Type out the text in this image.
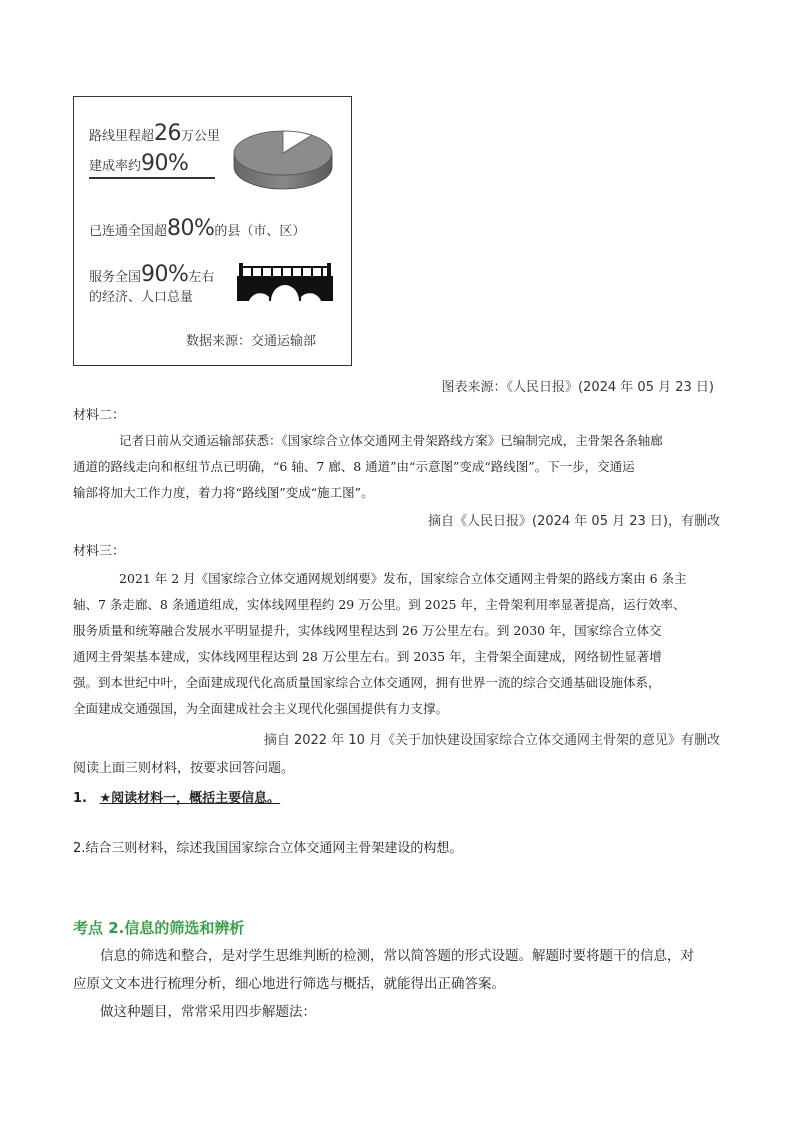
路线里程超26万公里
建成率约90%
已连通全国超80%的县（市、区）
服务全国90%左右
的经济、人口总量
数据来源：交通运输部
图表来源：《人民日报》(2024 年 05 月 23 日)
材料二：
记者日前从交通运输部获悉：《国家综合立体交通网主骨架路线方案》已编制完成，主骨架各条轴廊
通道的路线走向和枢纽节点已明确，“6 轴、7 廊、8 通道”由“示意图”变成“路线图”。下一步，交通运
输部将加大工作力度，着力将“路线图”变成“施工图”。
摘自《人民日报》(2024 年 05 月 23 日)，有删改
材料三：
2021 年 2 月《国家综合立体交通网规划纲要》发布，国家综合立体交通网主骨架的路线方案由 6 条主
轴、7 条走廊、8 条通道组成，实体线网里程约 29 万公里。到 2025 年，主骨架利用率显著提高，运行效率、
服务质量和统筹融合发展水平明显提升，实体线网里程达到 26 万公里左右。到 2030 年，国家综合立体交
通网主骨架基本建成，实体线网里程达到 28 万公里左右。到 2035 年，主骨架全面建成，网络韧性显著增
强。到本世纪中叶，全面建成现代化高质量国家综合立体交通网，拥有世界一流的综合交通基础设施体系，
全面建成交通强国，为全面建成社会主义现代化强国提供有力支撑。
摘自 2022 年 10 月《关于加快建设国家综合立体交通网主骨架的意见》有删改
阅读上面三则材料，按要求回答问题。
1. ★阅读材料一，概括主要信息。
2.结合三则材料，综述我国国家综合立体交通网主骨架建设的构想。
考点 2.信息的筛选和辨析
信息的筛选和整合，是对学生思维判断的检测，常以简答题的形式设题。解题时要将题干的信息，对
应原文文本进行梳理分析，细心地进行筛选与概括，就能得出正确答案。
做这种题目，常常采用四步解题法：
